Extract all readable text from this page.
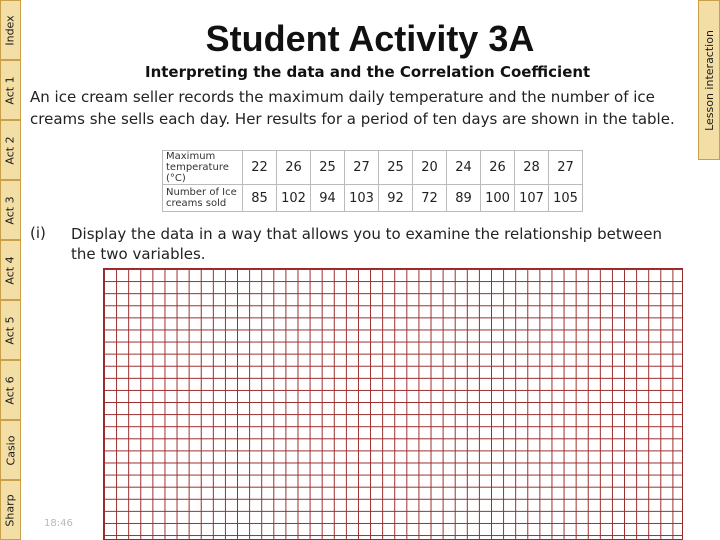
Index
Act 1
Act 2
Act 3
Act 4
Act 5
Act 6
Casio
Sharp
Lesson interaction
Student Activity 3A
Interpreting the data and the Correlation Coefficient
An ice cream seller records the maximum daily temperature and the number of ice creams she sells each day. Her results for a period of ten days are shown in the table.
Maximum temperature (°C)	22	26	25	27	25	20	24	26	28	27
Number of Ice creams sold	85	102	94	103	92	72	89	100	107	105
(i) Display the data in a way that allows you to examine the relationship between the two variables.
18:46
